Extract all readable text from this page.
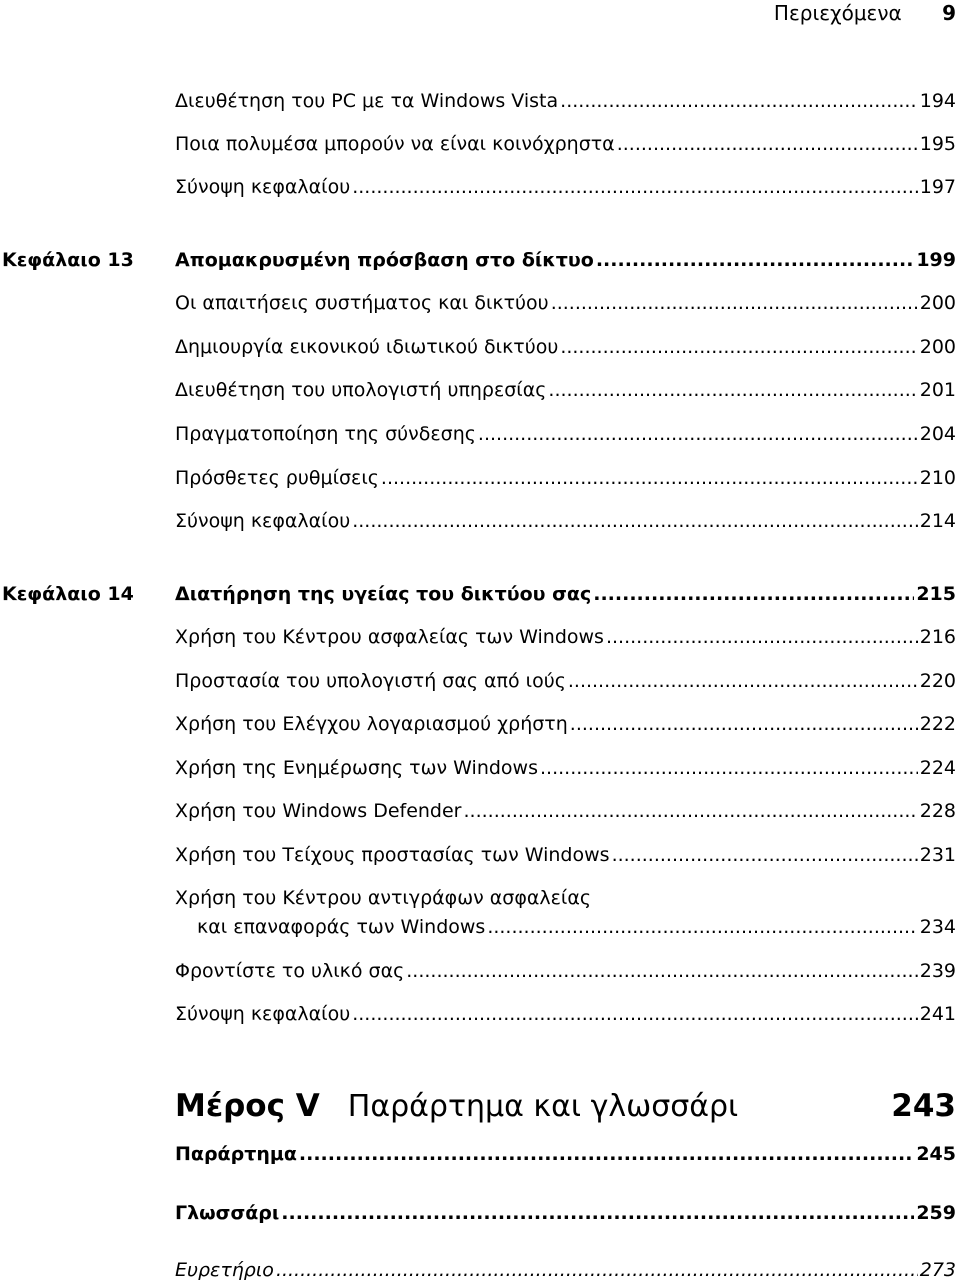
Περιεχόμενα 9
Διευθέτηση του PC με τα Windows Vista .....	194
Ποια πολυμέσα μπορούν να είναι κοινόχρηστα .....	195
Σύνοψη κεφαλαίου .....	197
Κεφάλαιο 13 Απομακρυσμένη πρόσβαση στο δίκτυο .....	199
Οι απαιτήσεις συστήματος και δικτύου .....	200
Δημιουργία εικονικού ιδιωτικού δικτύου .....	200
Διευθέτηση του υπολογιστή υπηρεσίας .....	201
Πραγματοποίηση της σύνδεσης .....	204
Πρόσθετες ρυθμίσεις .....	210
Σύνοψη κεφαλαίου .....	214
Κεφάλαιο 14 Διατήρηση της υγείας του δικτύου σας .....	215
Χρήση του Κέντρου ασφαλείας των Windows .....	216
Προστασία του υπολογιστή σας από ιούς .....	220
Χρήση του Ελέγχου λογαριασμού χρήστη .....	222
Χρήση της Ενημέρωσης των Windows .....	224
Χρήση του Windows Defender .....	228
Χρήση του Τείχους προστασίας των Windows .....	231
Χρήση του Κέντρου αντιγράφων ασφαλείας
και επαναφοράς των Windows .....	234
Φροντίστε το υλικό σας .....	239
Σύνοψη κεφαλαίου .....	241
Μέρος V Παράρτημα και γλωσσάρι	243
Παράρτημα .....	245
Γλωσσάρι .....	259
Ευρετήριο .....	273
